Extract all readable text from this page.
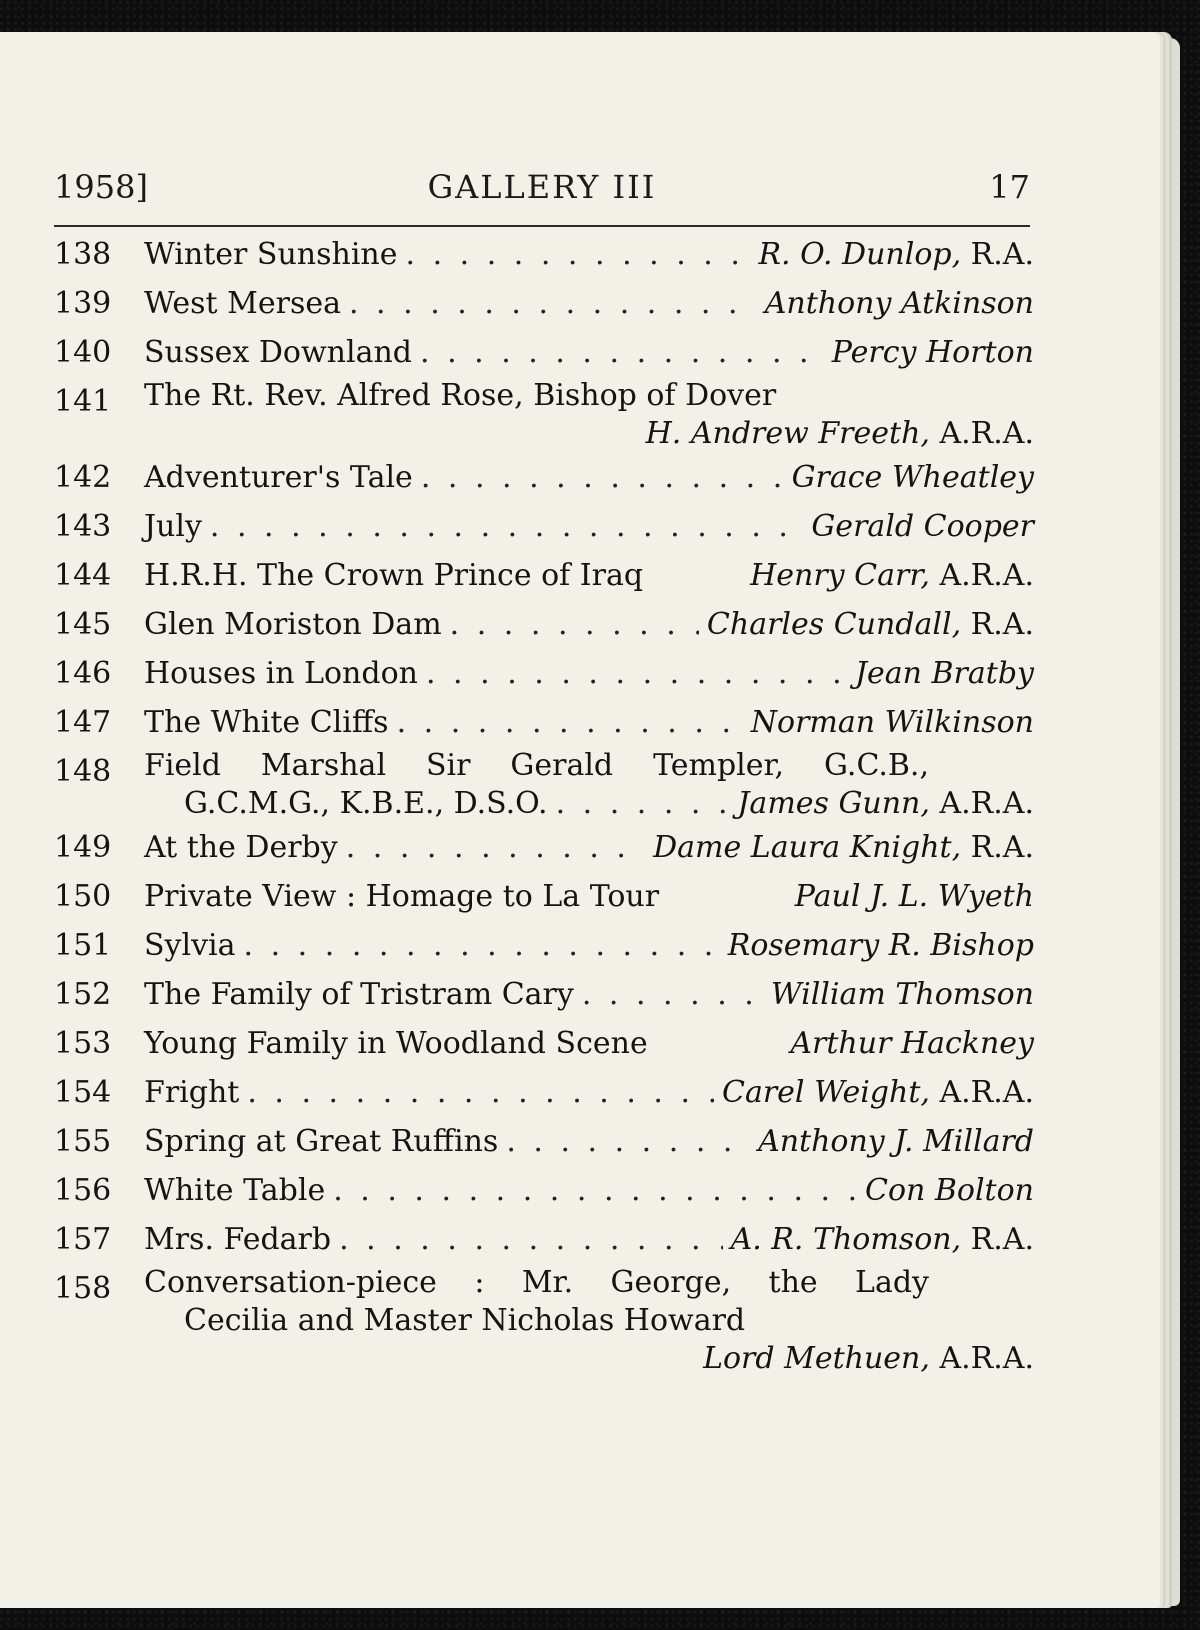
1958]	GALLERY III	17
138	Winter Sunshine . . .	R. O. Dunlop, R.A.
139	West Mersea . . .	Anthony Atkinson
140	Sussex Downland . . .	Percy Horton
141	The Rt. Rev. Alfred Rose, Bishop of Dover
H. Andrew Freeth, A.R.A.
142	Adventurer's Tale . . .	Grace Wheatley
143	July . . .	Gerald Cooper
144	H.R.H. The Crown Prince of Iraq	Henry Carr, A.R.A.
145	Glen Moriston Dam . . .	Charles Cundall, R.A.
146	Houses in London . . .	Jean Bratby
147	The White Cliffs . . .	Norman Wilkinson
148	Field Marshal Sir Gerald Templer, G.C.B.,
G.C.M.G., K.B.E., D.S.O. . . .	James Gunn, A.R.A.
149	At the Derby . . .	Dame Laura Knight, R.A.
150	Private View : Homage to La Tour	Paul J. L. Wyeth
151	Sylvia . . .	Rosemary R. Bishop
152	The Family of Tristram Cary . . .	William Thomson
153	Young Family in Woodland Scene	Arthur Hackney
154	Fright . . .	Carel Weight, A.R.A.
155	Spring at Great Ruffins . . .	Anthony J. Millard
156	White Table . . .	Con Bolton
157	Mrs. Fedarb . . .	A. R. Thomson, R.A.
158	Conversation-piece : Mr. George, the Lady
Cecilia and Master Nicholas Howard
Lord Methuen, A.R.A.
